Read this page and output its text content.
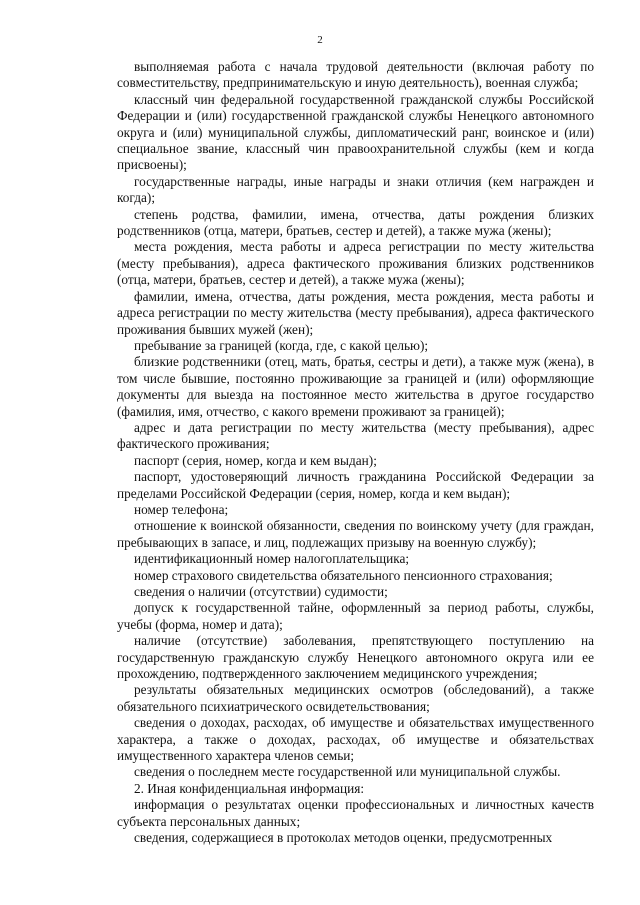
2

выполняемая работа с начала трудовой деятельности (включая работу по совместительству, предпринимательскую и иную деятельность), военная служба;

классный чин федеральной государственной гражданской службы Российской Федерации и (или) государственной гражданской службы Ненецкого автономного округа и (или) муниципальной службы, дипломатический ранг, воинское и (или) специальное звание, классный чин правоохранительной службы (кем и когда присвоены);

государственные награды, иные награды и знаки отличия (кем награжден и когда);

степень родства, фамилии, имена, отчества, даты рождения близких родственников (отца, матери, братьев, сестер и детей), а также мужа (жены);

места рождения, места работы и адреса регистрации по месту жительства (месту пребывания), адреса фактического проживания близких родственников (отца, матери, братьев, сестер и детей), а также мужа (жены);

фамилии, имена, отчества, даты рождения, места рождения, места работы и адреса регистрации по месту жительства (месту пребывания), адреса фактического проживания бывших мужей (жен);

пребывание за границей (когда, где, с какой целью);

близкие родственники (отец, мать, братья, сестры и дети), а также муж (жена), в том числе бывшие, постоянно проживающие за границей и (или) оформляющие документы для выезда на постоянное место жительства в другое государство (фамилия, имя, отчество, с какого времени проживают за границей);

адрес и дата регистрации по месту жительства (месту пребывания), адрес фактического проживания;

паспорт (серия, номер, когда и кем выдан);

паспорт, удостоверяющий личность гражданина Российской Федерации за пределами Российской Федерации (серия, номер, когда и кем выдан);

номер телефона;

отношение к воинской обязанности, сведения по воинскому учету (для граждан, пребывающих в запасе, и лиц, подлежащих призыву на военную службу);

идентификационный номер налогоплательщика;

номер страхового свидетельства обязательного пенсионного страхования;

сведения о наличии (отсутствии) судимости;

допуск к государственной тайне, оформленный за период работы, службы, учебы (форма, номер и дата);

наличие (отсутствие) заболевания, препятствующего поступлению на государственную гражданскую службу Ненецкого автономного округа или ее прохождению, подтвержденного заключением медицинского учреждения;

результаты обязательных медицинских осмотров (обследований), а также обязательного психиатрического освидетельствования;

сведения о доходах, расходах, об имуществе и обязательствах имущественного характера, а также о доходах, расходах, об имуществе и обязательствах имущественного характера членов семьи;

сведения о последнем месте государственной или муниципальной службы.

2. Иная конфиденциальная информация:

информация о результатах оценки профессиональных и личностных качеств субъекта персональных данных;

сведения, содержащиеся в протоколах методов оценки, предусмотренных
